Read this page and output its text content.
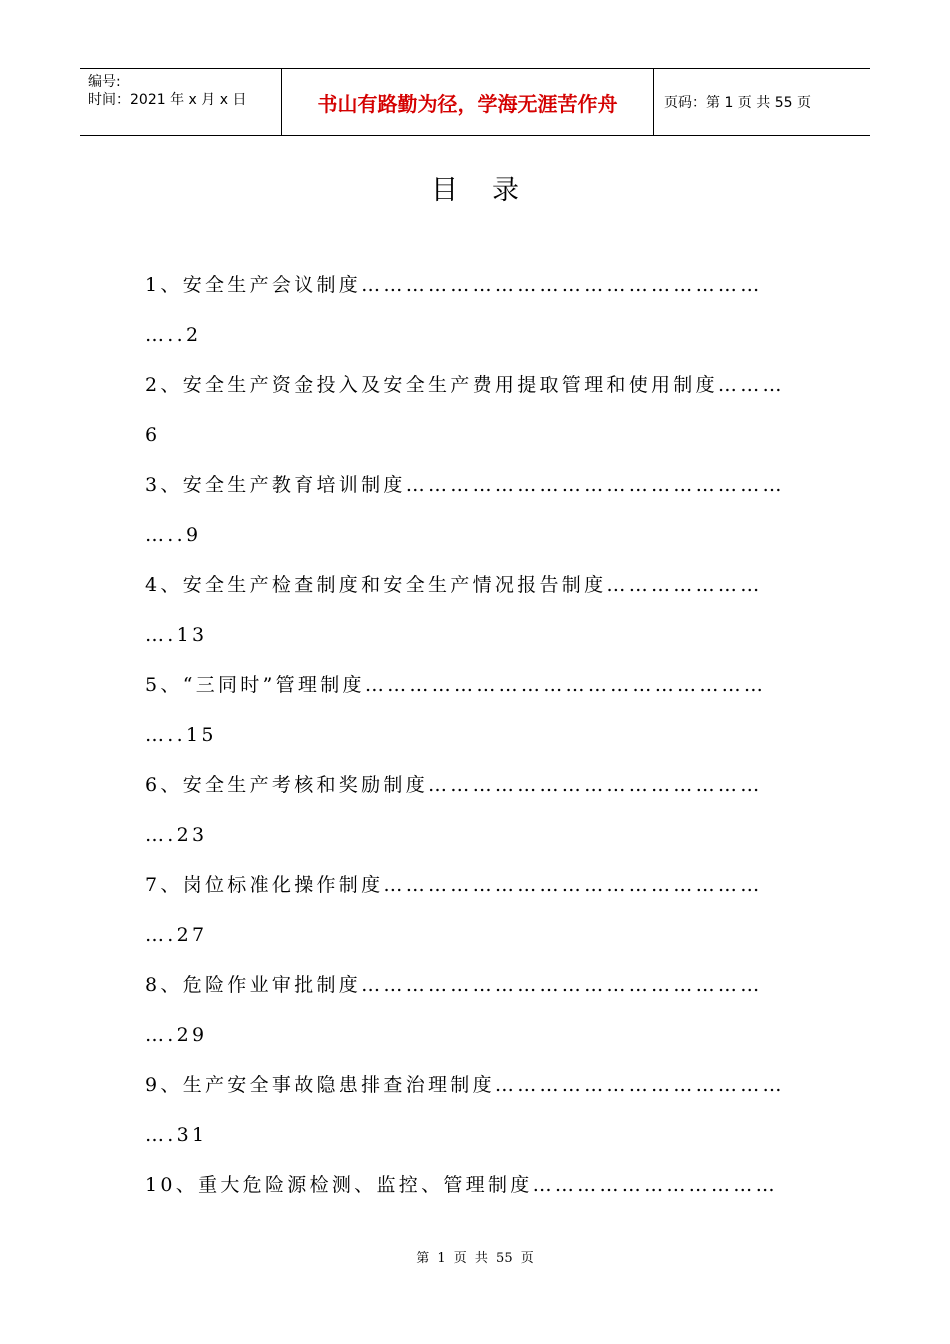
编号:
时间：2021 年 x 月 x 日	书山有路勤为径，学海无涯苦作舟	页码：第 1 页 共 55 页
目录
1、安全生产会议制度………………………………………………
…..2
2、安全生产资金投入及安全生产费用提取管理和使用制度………
6
3、安全生产教育培训制度……………………………………………
…..9
4、安全生产检查制度和安全生产情况报告制度…………………
….13
5、“三同时”管理制度………………………………………………
…..15
6、安全生产考核和奖励制度………………………………………
….23
7、岗位标准化操作制度……………………………………………
….27
8、危险作业审批制度………………………………………………
….29
9、生产安全事故隐患排查治理制度…………………………………
….31
10、重大危险源检测、监控、管理制度……………………………
第 1 页 共 55 页
